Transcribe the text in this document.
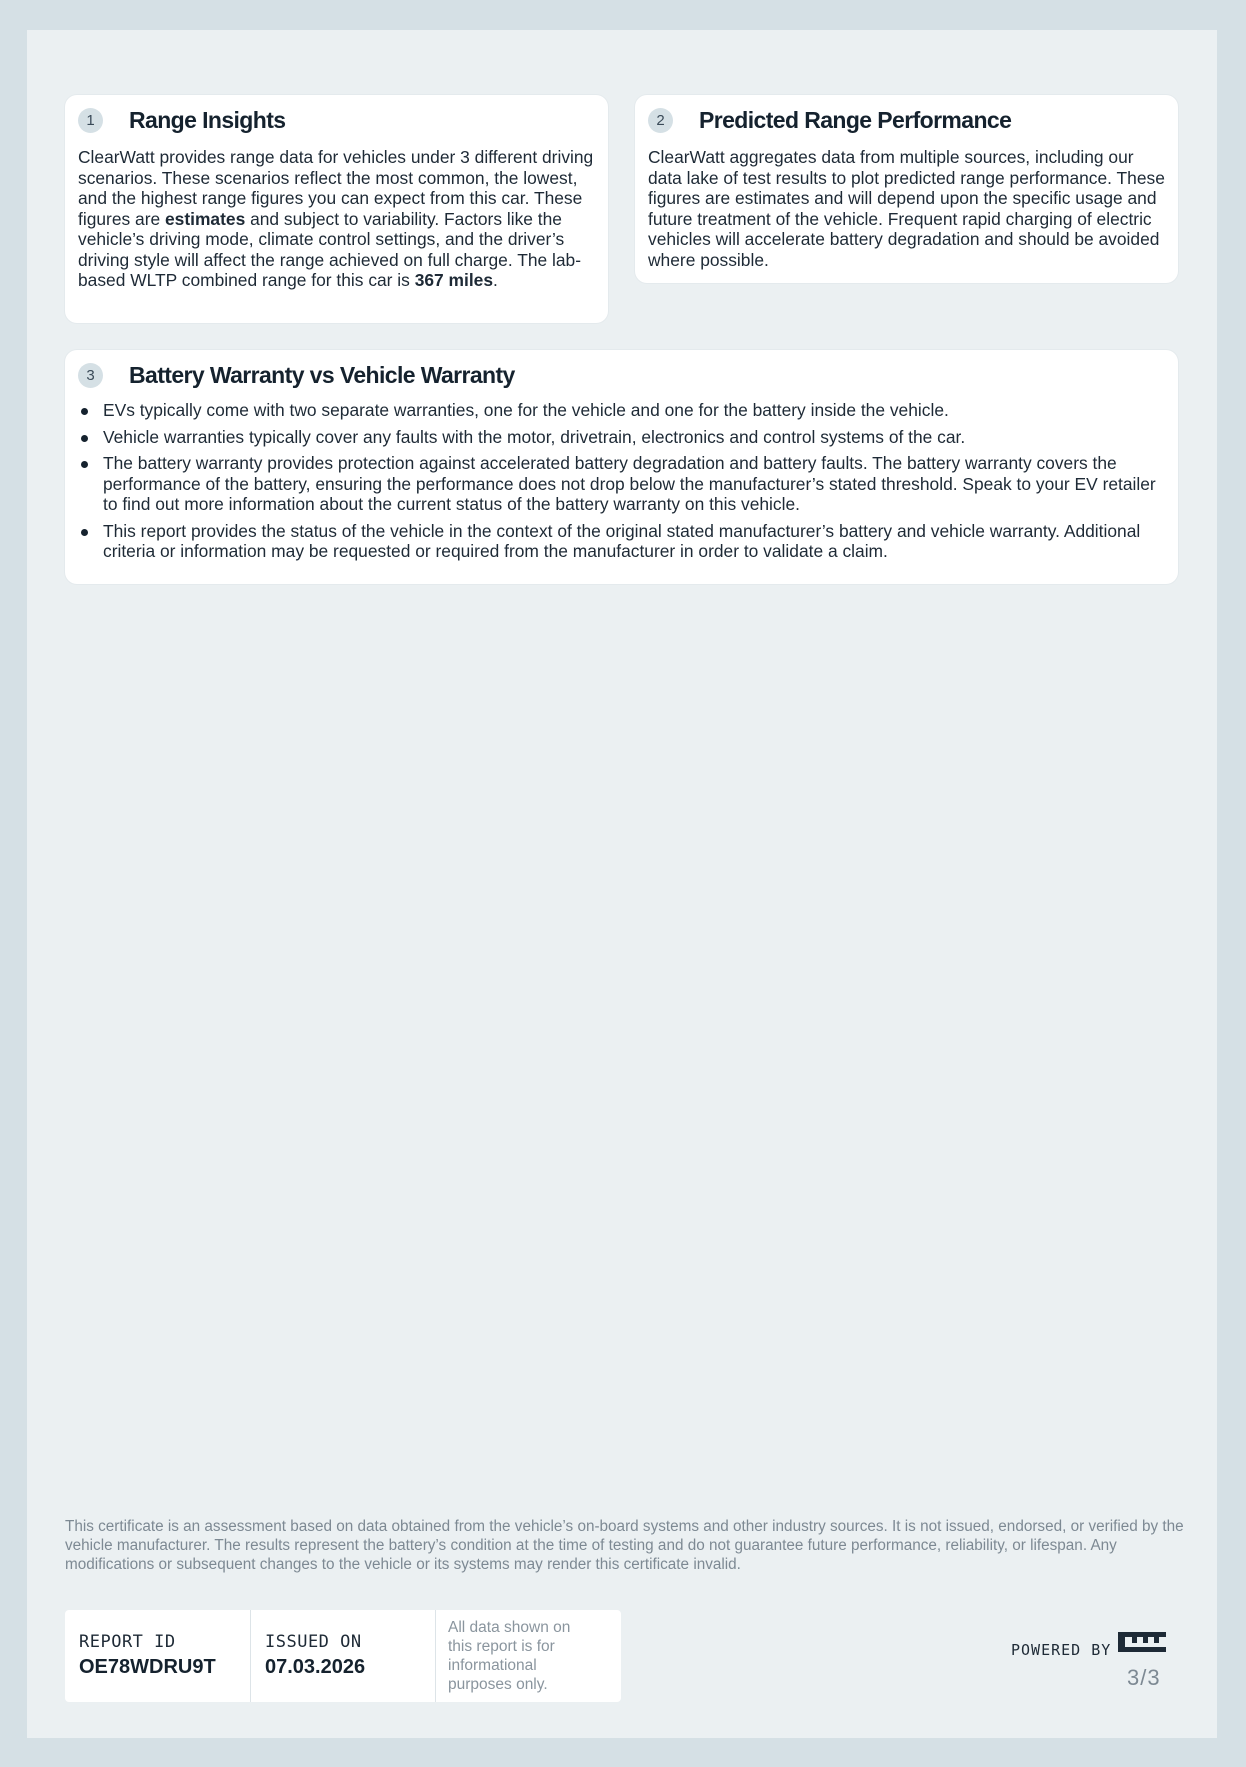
1	Range Insights
ClearWatt provides range data for vehicles under 3 different driving scenarios. These scenarios reflect the most common, the lowest, and the highest range figures you can expect from this car. These figures are estimates and subject to variability. Factors like the vehicle’s driving mode, climate control settings, and the driver’s driving style will affect the range achieved on full charge. The lab-based WLTP combined range for this car is 367 miles.
2	Predicted Range Performance
ClearWatt aggregates data from multiple sources, including our data lake of test results to plot predicted range performance. These figures are estimates and will depend upon the specific usage and future treatment of the vehicle. Frequent rapid charging of electric vehicles will accelerate battery degradation and should be avoided where possible.
3	Battery Warranty vs Vehicle Warranty
EVs typically come with two separate warranties, one for the vehicle and one for the battery inside the vehicle.
Vehicle warranties typically cover any faults with the motor, drivetrain, electronics and control systems of the car.
The battery warranty provides protection against accelerated battery degradation and battery faults. The battery warranty covers the performance of the battery, ensuring the performance does not drop below the manufacturer’s stated threshold. Speak to your EV retailer to find out more information about the current status of the battery warranty on this vehicle.
This report provides the status of the vehicle in the context of the original stated manufacturer’s battery and vehicle warranty. Additional criteria or information may be requested or required from the manufacturer in order to validate a claim.
This certificate is an assessment based on data obtained from the vehicle’s on-board systems and other industry sources. It is not issued, endorsed, or verified by the vehicle manufacturer. The results represent the battery’s condition at the time of testing and do not guarantee future performance, reliability, or lifespan. Any modifications or subsequent changes to the vehicle or its systems may render this certificate invalid.
REPORT ID
OE78WDRU9T
ISSUED ON
07.03.2026
All data shown on this report is for informational purposes only.
POWERED BY
3/3
